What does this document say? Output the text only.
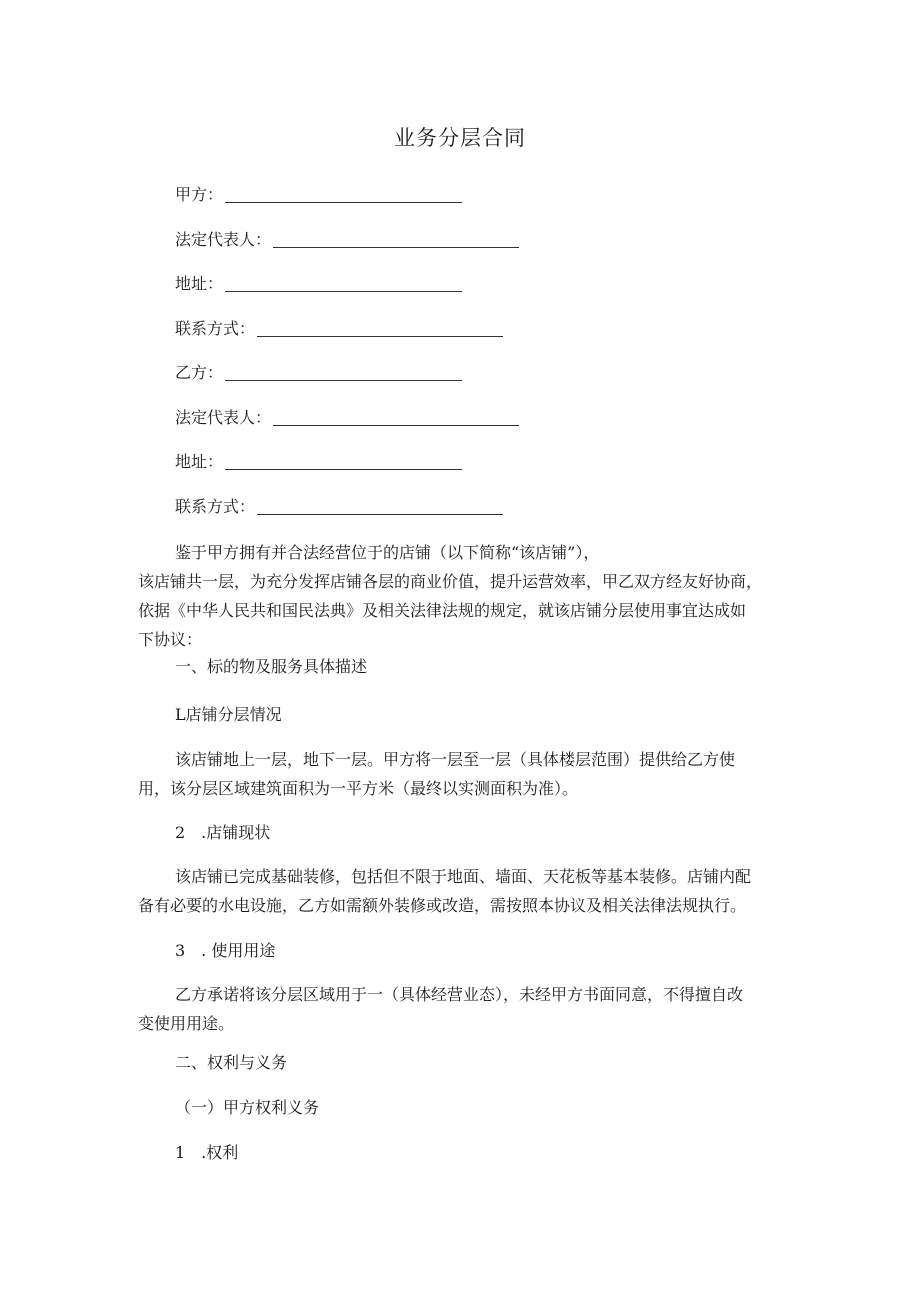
业务分层合同
甲方：
法定代表人：
地址：
联系方式：
乙方：
法定代表人：
地址：
联系方式：
鉴于甲方拥有并合法经营位于的店铺（以下简称“该店铺”），
该店铺共一层，为充分发挥店铺各层的商业价值，提升运营效率，甲乙双方经友好协商，
依据《中华人民共和国民法典》及相关法律法规的规定，就该店铺分层使用事宜达成如
下协议：
一、标的物及服务具体描述
L店铺分层情况
该店铺地上一层，地下一层。甲方将一层至一层（具体楼层范围）提供给乙方使
用，该分层区域建筑面积为一平方米（最终以实测面积为准）。
2　.店铺现状
该店铺已完成基础装修，包括但不限于地面、墙面、天花板等基本装修。店铺内配
备有必要的水电设施，乙方如需额外装修或改造，需按照本协议及相关法律法规执行。
3　. 使用用途
乙方承诺将该分层区域用于一（具体经营业态），未经甲方书面同意，不得擅自改
变使用用途。
二、权利与义务
（一）甲方权利义务
1　.权利
